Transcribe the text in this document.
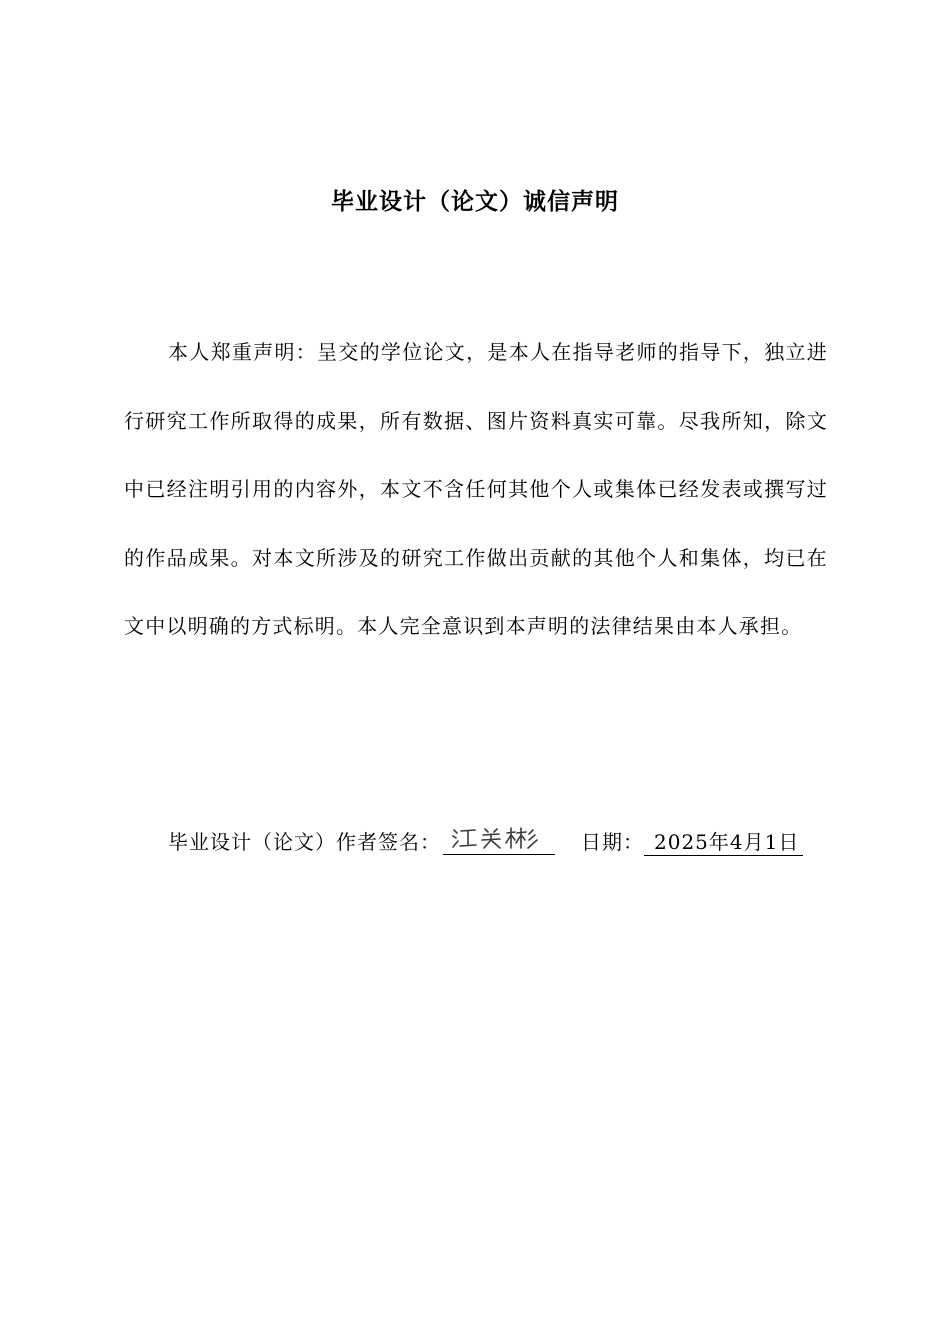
毕业设计（论文）诚信声明

本人郑重声明：呈交的学位论文，是本人在指导老师的指导下，独立进行研究工作所取得的成果，所有数据、图片资料真实可靠。尽我所知，除文中已经注明引用的内容外，本文不含任何其他个人或集体已经发表或撰写过的作品成果。对本文所涉及的研究工作做出贡献的其他个人和集体，均已在文中以明确的方式标明。本人完全意识到本声明的法律结果由本人承担。

毕业设计（论文）作者签名：	日期： 2025年4月1日
